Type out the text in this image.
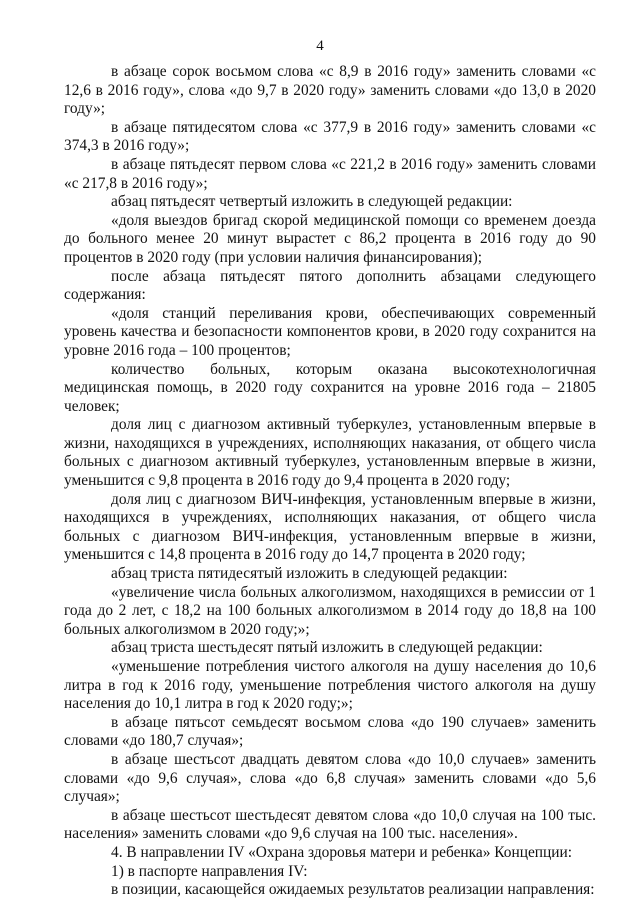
4

в абзаце сорок восьмом слова «с 8,9 в 2016 году» заменить словами «с 12,6 в 2016 году», слова «до 9,7 в 2020 году» заменить словами «до 13,0 в 2020 году»;

в абзаце пятидесятом слова «с 377,9 в 2016 году» заменить словами «с 374,3 в 2016 году»;

в абзаце пятьдесят первом слова «с 221,2 в 2016 году» заменить словами «с 217,8 в 2016 году»;

абзац пятьдесят четвертый изложить в следующей редакции:

«доля выездов бригад скорой медицинской помощи со временем доезда до больного менее 20 минут вырастет с 86,2 процента в 2016 году до 90 процентов в 2020 году (при условии наличия финансирования);

после абзаца пятьдесят пятого дополнить абзацами следующего содержания:

«доля станций переливания крови, обеспечивающих современный уровень качества и безопасности компонентов крови, в 2020 году сохранится на уровне 2016 года – 100 процентов;

количество больных, которым оказана высокотехнологичная медицинская помощь, в 2020 году сохранится на уровне 2016 года – 21805 человек;

доля лиц с диагнозом активный туберкулез, установленным впервые в жизни, находящихся в учреждениях, исполняющих наказания, от общего числа больных с диагнозом активный туберкулез, установленным впервые в жизни, уменьшится с 9,8 процента в 2016 году до 9,4 процента в 2020 году;

доля лиц с диагнозом ВИЧ-инфекция, установленным впервые в жизни, находящихся в учреждениях, исполняющих наказания, от общего числа больных с диагнозом ВИЧ-инфекция, установленным впервые в жизни, уменьшится с 14,8 процента в 2016 году до 14,7 процента в 2020 году;

абзац триста пятидесятый изложить в следующей редакции:

«увеличение числа больных алкоголизмом, находящихся в ремиссии от 1 года до 2 лет, с 18,2 на 100 больных алкоголизмом в 2014 году до 18,8 на 100 больных алкоголизмом в 2020 году;»;

абзац триста шестьдесят пятый изложить в следующей редакции:

«уменьшение потребления чистого алкоголя на душу населения до 10,6 литра в год к 2016 году, уменьшение потребления чистого алкоголя на душу населения до 10,1 литра в год к 2020 году;»;

в абзаце пятьсот семьдесят восьмом слова «до 190 случаев» заменить словами «до 180,7 случая»;

в абзаце шестьсот двадцать девятом слова «до 10,0 случаев» заменить словами «до 9,6 случая», слова «до 6,8 случая» заменить словами «до 5,6 случая»;

в абзаце шестьсот шестьдесят девятом слова «до 10,0 случая на 100 тыс. населения» заменить словами «до 9,6 случая на 100 тыс. населения».

4. В направлении IV «Охрана здоровья матери и ребенка» Концепции:

1) в паспорте направления IV:

в позиции, касающейся ожидаемых результатов реализации направления:
